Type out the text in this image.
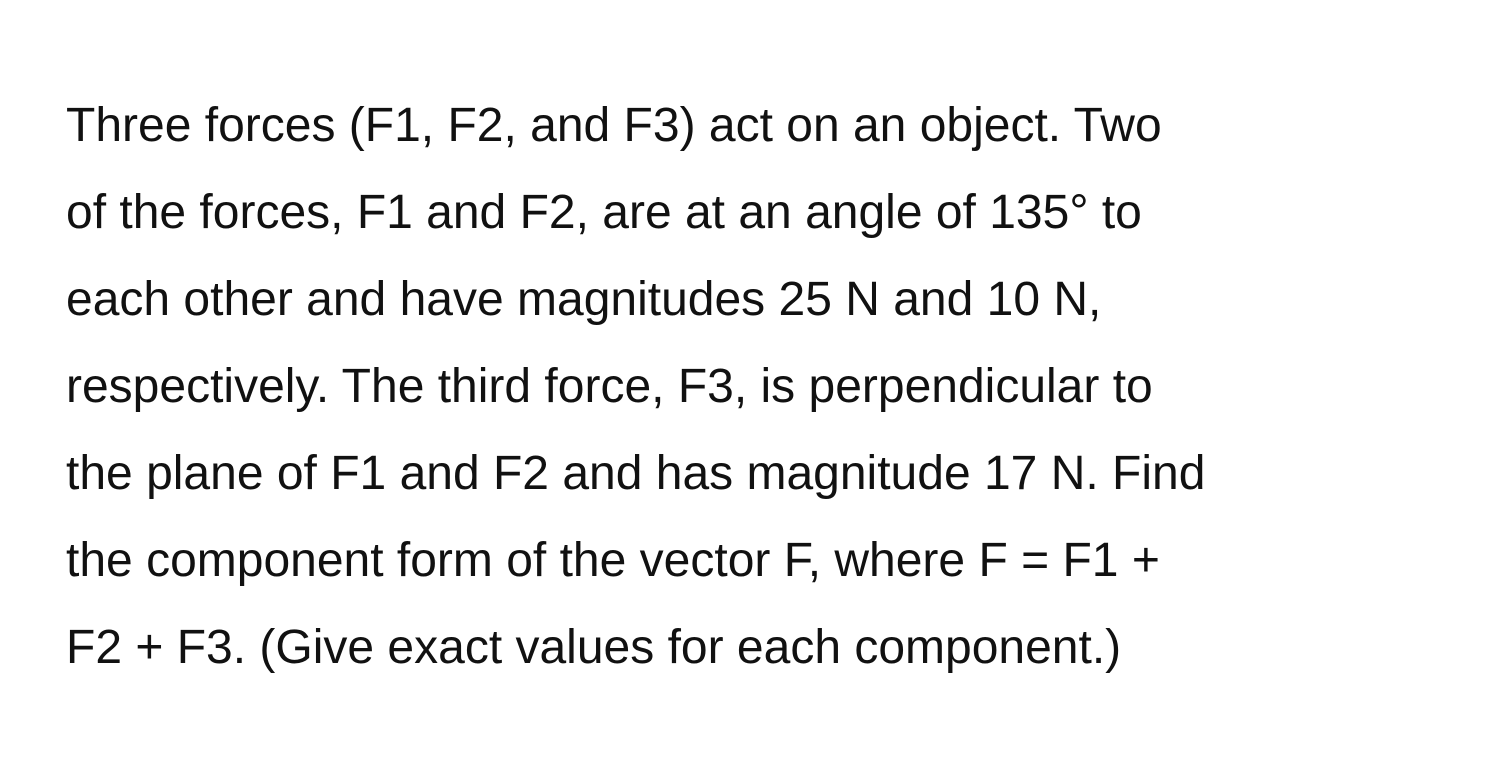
Three forces (F1, F2, and F3) act on an object. Two
of the forces, F1 and F2, are at an angle of 135° to
each other and have magnitudes 25 N and 10 N,
respectively. The third force, F3, is perpendicular to
the plane of F1 and F2 and has magnitude 17 N. Find
the component form of the vector F, where F = F1 +
F2 + F3. (Give exact values for each component.)
